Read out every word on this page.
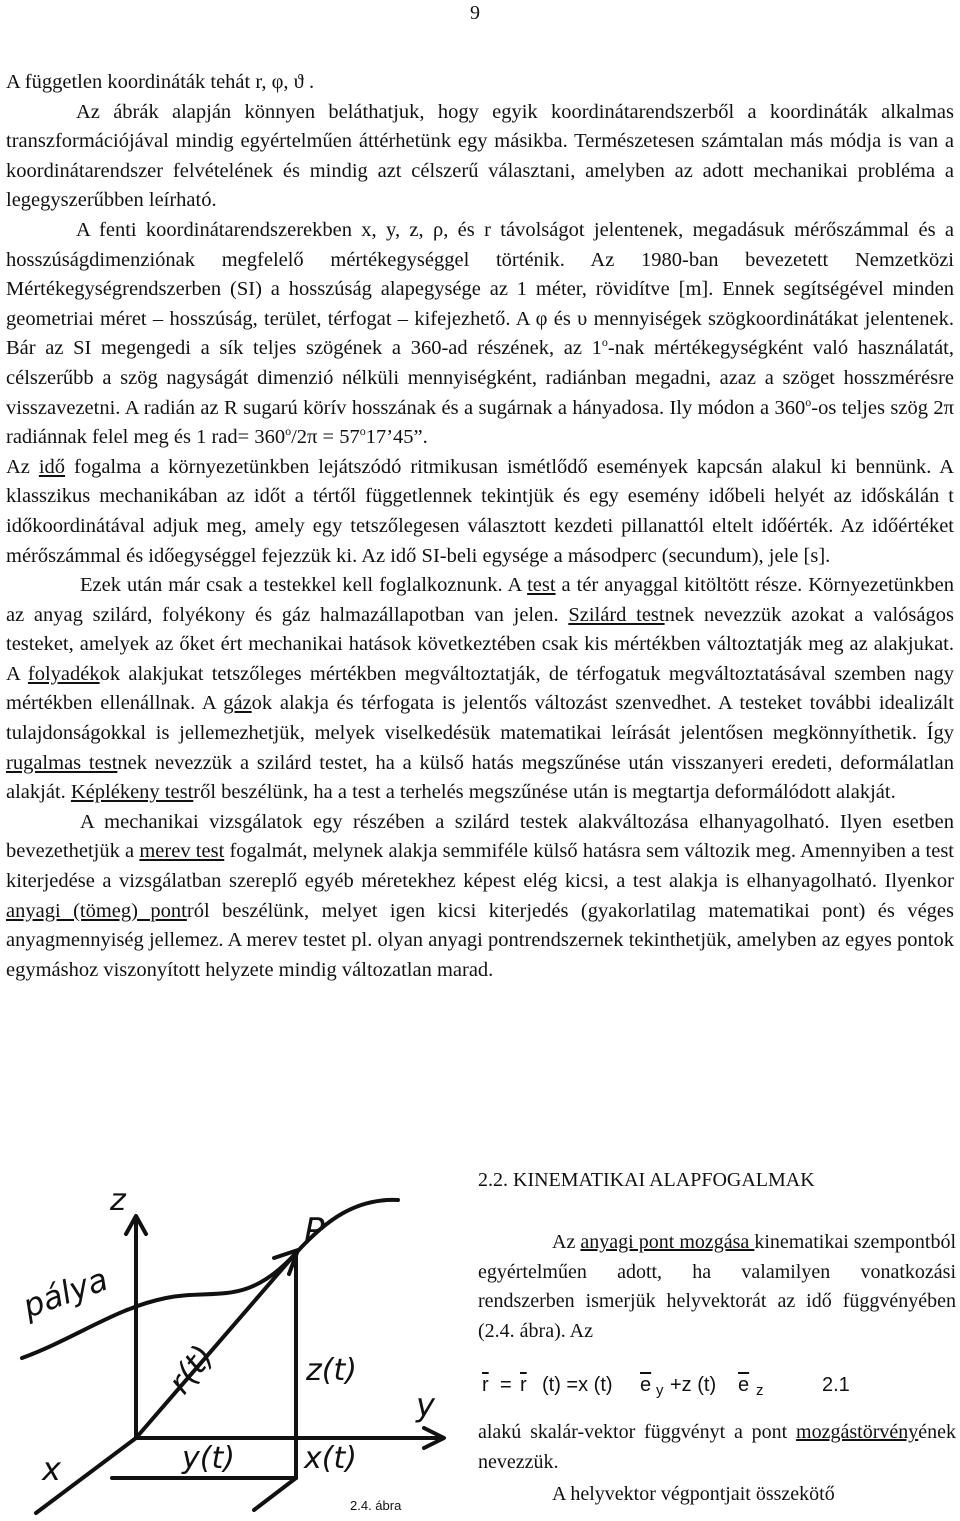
9

A független koordináták tehát r, φ, ϑ .

Az ábrák alapján könnyen beláthatjuk, hogy egyik koordinátarendszerből a koordináták alkalmas transzformációjával mindig egyértelműen áttérhetünk egy másikba. Természetesen számtalan más módja is van a koordinátarendszer felvételének és mindig azt célszerű választani, amelyben az adott mechanikai probléma a legegyszerűbben leírható.

A fenti koordinátarendszerekben x, y, z, ρ, és r távolságot jelentenek, megadásuk mérőszámmal és a hosszúságdimenziónak megfelelő mértékegységgel történik. Az 1980-ban bevezetett Nemzetközi Mértékegységrendszerben (SI) a hosszúság alapegysége az 1 méter, rövidítve [m]. Ennek segítségével minden geometriai méret – hosszúság, terület, térfogat – kifejezhető. A φ és υ mennyiségek szögkoordinátákat jelentenek. Bár az SI megengedi a sík teljes szögének a 360-ad részének, az 1$^o$-nak mértékegységként való használatát, célszerűbb a szög nagyságát dimenzió nélküli mennyiségként, radiánban megadni, azaz a szöget hosszmérésre visszavezetni. A radián az R sugarú körív hosszának és a sugárnak a hányadosa. Ily módon a 360$^o$-os teljes szög 2π radiánnak felel meg és 1 $rad= 360^o/2\pi$ = $57^o17’45$”.

Az idő fogalma a környezetünkben lejátszódó ritmikusan ismétlődő események kapcsán alakul ki bennünk. A klasszikus mechanikában az időt a tértől függetlennek tekintjük és egy esemény időbeli helyét az időskálán t időkoordinátával adjuk meg, amely egy tetszőlegesen választott kezdeti pillanattól eltelt időérték. Az időértéket mérőszámmal és időegységgel fejezzük ki. Az idő SI-beli egysége a másodperc (secundum), jele [s].

Ezek után már csak a testekkel kell foglalkoznunk. A test a tér anyaggal kitöltött része. Környezetünkben az anyag szilárd, folyékony és gáz halmazállapotban van jelen. Szilárd testnek nevezzük azokat a valóságos testeket, amelyek az őket ért mechanikai hatások következtében csak kis mértékben változtatják meg az alakjukat. A folyadékok alakjukat tetszőleges mértékben megváltoztatják, de térfogatuk megváltoztatásával szemben nagy mértékben ellenállnak. A gázok alakja és térfogata is jelentős változást szenvedhet. A testeket további idealizált tulajdonságokkal is jellemezhetjük, melyek viselkedésük matematikai leírását jelentősen megkönnyíthetik. Így rugalmas testnek nevezzük a szilárd testet, ha a külső hatás megszűnése után visszanyeri eredeti, deformálatlan alakját. Képlékeny testről beszélünk, ha a test a terhelés megszűnése után is megtartja deformálódott alakját.

A mechanikai vizsgálatok egy részében a szilárd testek alakváltozása elhanyagolható. Ilyen esetben bevezethetjük a merev test fogalmát, melynek alakja semmiféle külső hatásra sem változik meg. Amennyiben a test kiterjedése a vizsgálatban szereplő egyéb méretekhez képest elég kicsi, a test alakja is elhanyagolható. Ilyenkor anyagi (tömeg) pontról beszélünk, melyet igen kicsi kiterjedés (gyakorlatilag matematikai pont) és véges anyagmennyiség jellemez. A merev testet pl. olyan anyagi pontrendszernek tekinthetjük, amelyben az egyes pontok egymáshoz viszonyított helyzete mindig változatlan marad.

z
pálya
P
r(t)	z(t)
y(t) x(t)
y
x
2.4. ábra

2.2. KINEMATIKAI ALAPFOGALMAK

Az anyagi pont mozgása kinematikai szempontból egyértelműen adott, ha valamilyen vonatkozási rendszerben ismerjük helyvektorát az idő függvényében (2.4. ábra). Az

$\overline{r} = \overline{r}$ (t) =x (t) $\overline{e}$ y +z (t) $\overline{e}$ z	2.1

alakú skalár-vektor függvényt a pont mozgástörvényének nevezzük.

A helyvektor végpontjait összekötő
